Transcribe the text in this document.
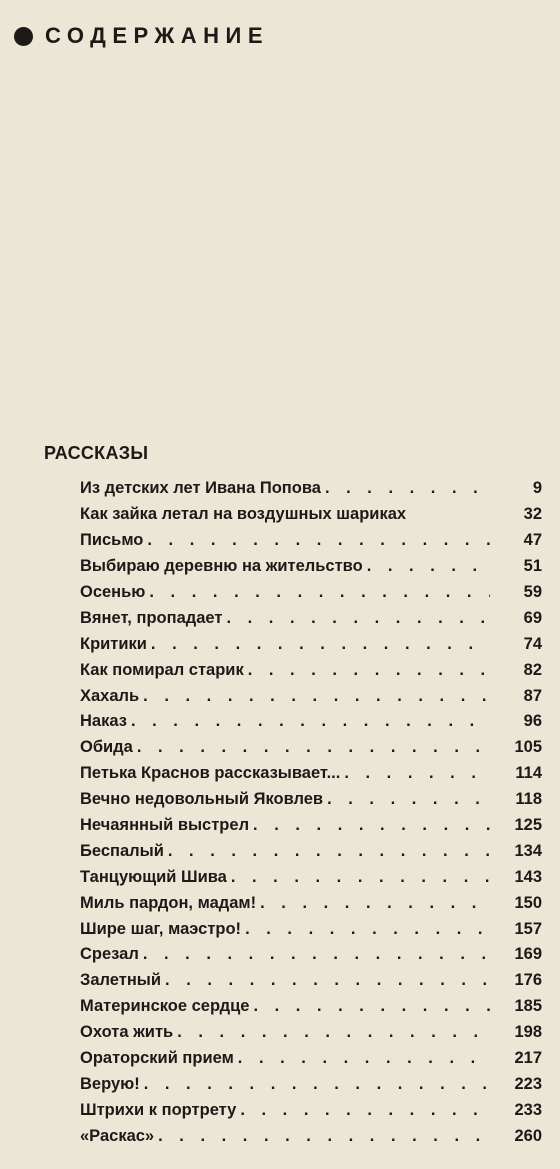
СОДЕРЖАНИЕ
РАССКАЗЫ
Из детских лет Ивана Попова . . .	9
Как зайка летал на воздушных шариках	32
Письмо . . .	47
Выбираю деревню на жительство . . .	51
Осенью . . .	59
Вянет, пропадает . . .	69
Критики . . .	74
Как помирал старик . . .	82
Хахаль . . .	87
Наказ . . .	96
Обида . . .	105
Петька Краснов рассказывает... . . .	114
Вечно недовольный Яковлев . . .	118
Нечаянный выстрел . . .	125
Беспалый . . .	134
Танцующий Шива . . .	143
Миль пардон, мадам! . . .	150
Шире шаг, маэстро! . . .	157
Срезал . . .	169
Залетный . . .	176
Материнское сердце . . .	185
Охота жить . . .	198
Ораторский прием . . .	217
Верую! . . .	223
Штрихи к портрету . . .	233
«Раскас» . . .	260
